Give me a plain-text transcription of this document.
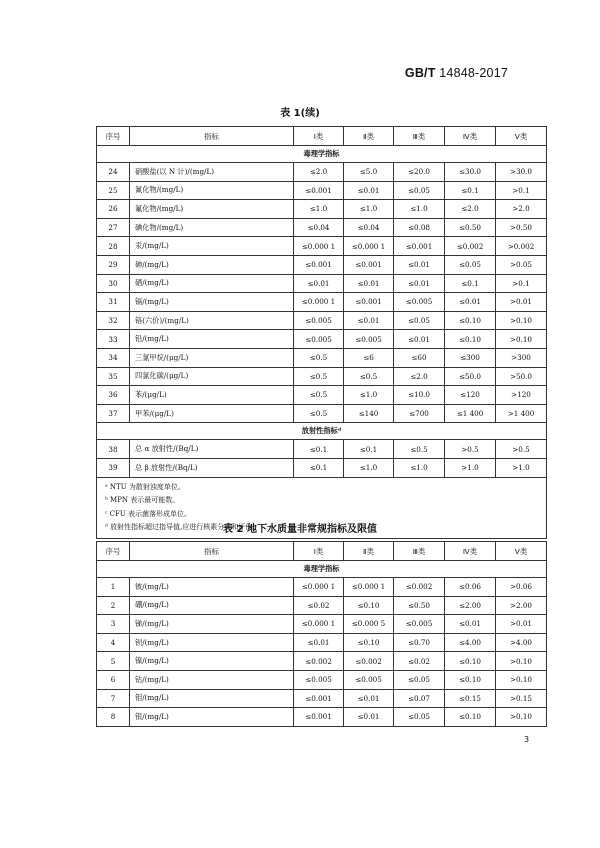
GB/T 14848-2017
表 1(续)
序号	指标	Ⅰ类	Ⅱ类	Ⅲ类	Ⅳ类	Ⅴ类
毒理学指标						
24	硝酸盐(以 N 计)/(mg/L)	≤2.0	≤5.0	≤20.0	≤30.0	>30.0
25	氰化物/(mg/L)	≤0.001	≤0.01	≤0.05	≤0.1	>0.1
26	氟化物/(mg/L)	≤1.0	≤1.0	≤1.0	≤2.0	>2.0
27	碘化物/(mg/L)	≤0.04	≤0.04	≤0.08	≤0.50	>0.50
28	汞/(mg/L)	≤0.000 1	≤0.000 1	≤0.001	≤0.002	>0.002
29	砷/(mg/L)	≤0.001	≤0.001	≤0.01	≤0.05	>0.05
30	硒/(mg/L)	≤0.01	≤0.01	≤0.01	≤0.1	>0.1
31	镉/(mg/L)	≤0.000 1	≤0.001	≤0.005	≤0.01	>0.01
32	铬(六价)/(mg/L)	≤0.005	≤0.01	≤0.05	≤0.10	>0.10
33	铅/(mg/L)	≤0.005	≤0.005	≤0.01	≤0.10	>0.10
34	三氯甲烷/(μg/L)	≤0.5	≤6	≤60	≤300	>300
35	四氯化碳/(μg/L)	≤0.5	≤0.5	≤2.0	≤50.0	>50.0
36	苯/(μg/L)	≤0.5	≤1.0	≤10.0	≤120	>120
37	甲苯/(μg/L)	≤0.5	≤140	≤700	≤1 400	>1 400
放射性指标ᵈ						
38	总 α 放射性/(Bq/L)	≤0.1	≤0.1	≤0.5	>0.5	>0.5
39	总 β 放射性/(Bq/L)	≤0.1	≤1.0	≤1.0	>1.0	>1.0

ᵃ NTU 为散射浊度单位。
ᵇ MPN 表示最可能数。
ᶜ CFU 表示菌落形成单位。
ᵈ 放射性指标超过指导值,应进行核素分析和评价。						
表 2 地下水质量非常规指标及限值
序号	指标	Ⅰ类	Ⅱ类	Ⅲ类	Ⅳ类	Ⅴ类
毒理学指标						
1	铍/(mg/L)	≤0.000 1	≤0.000 1	≤0.002	≤0.06	>0.06
2	硼/(mg/L)	≤0.02	≤0.10	≤0.50	≤2.00	>2.00
3	锑/(mg/L)	≤0.000 1	≤0.000 5	≤0.005	≤0.01	>0.01
4	钡/(mg/L)	≤0.01	≤0.10	≤0.70	≤4.00	>4.00
5	镍/(mg/L)	≤0.002	≤0.002	≤0.02	≤0.10	>0.10
6	钴/(mg/L)	≤0.005	≤0.005	≤0.05	≤0.10	>0.10
7	钼/(mg/L)	≤0.001	≤0.01	≤0.07	≤0.15	>0.15
8	银/(mg/L)	≤0.001	≤0.01	≤0.05	≤0.10	>0.10
3
